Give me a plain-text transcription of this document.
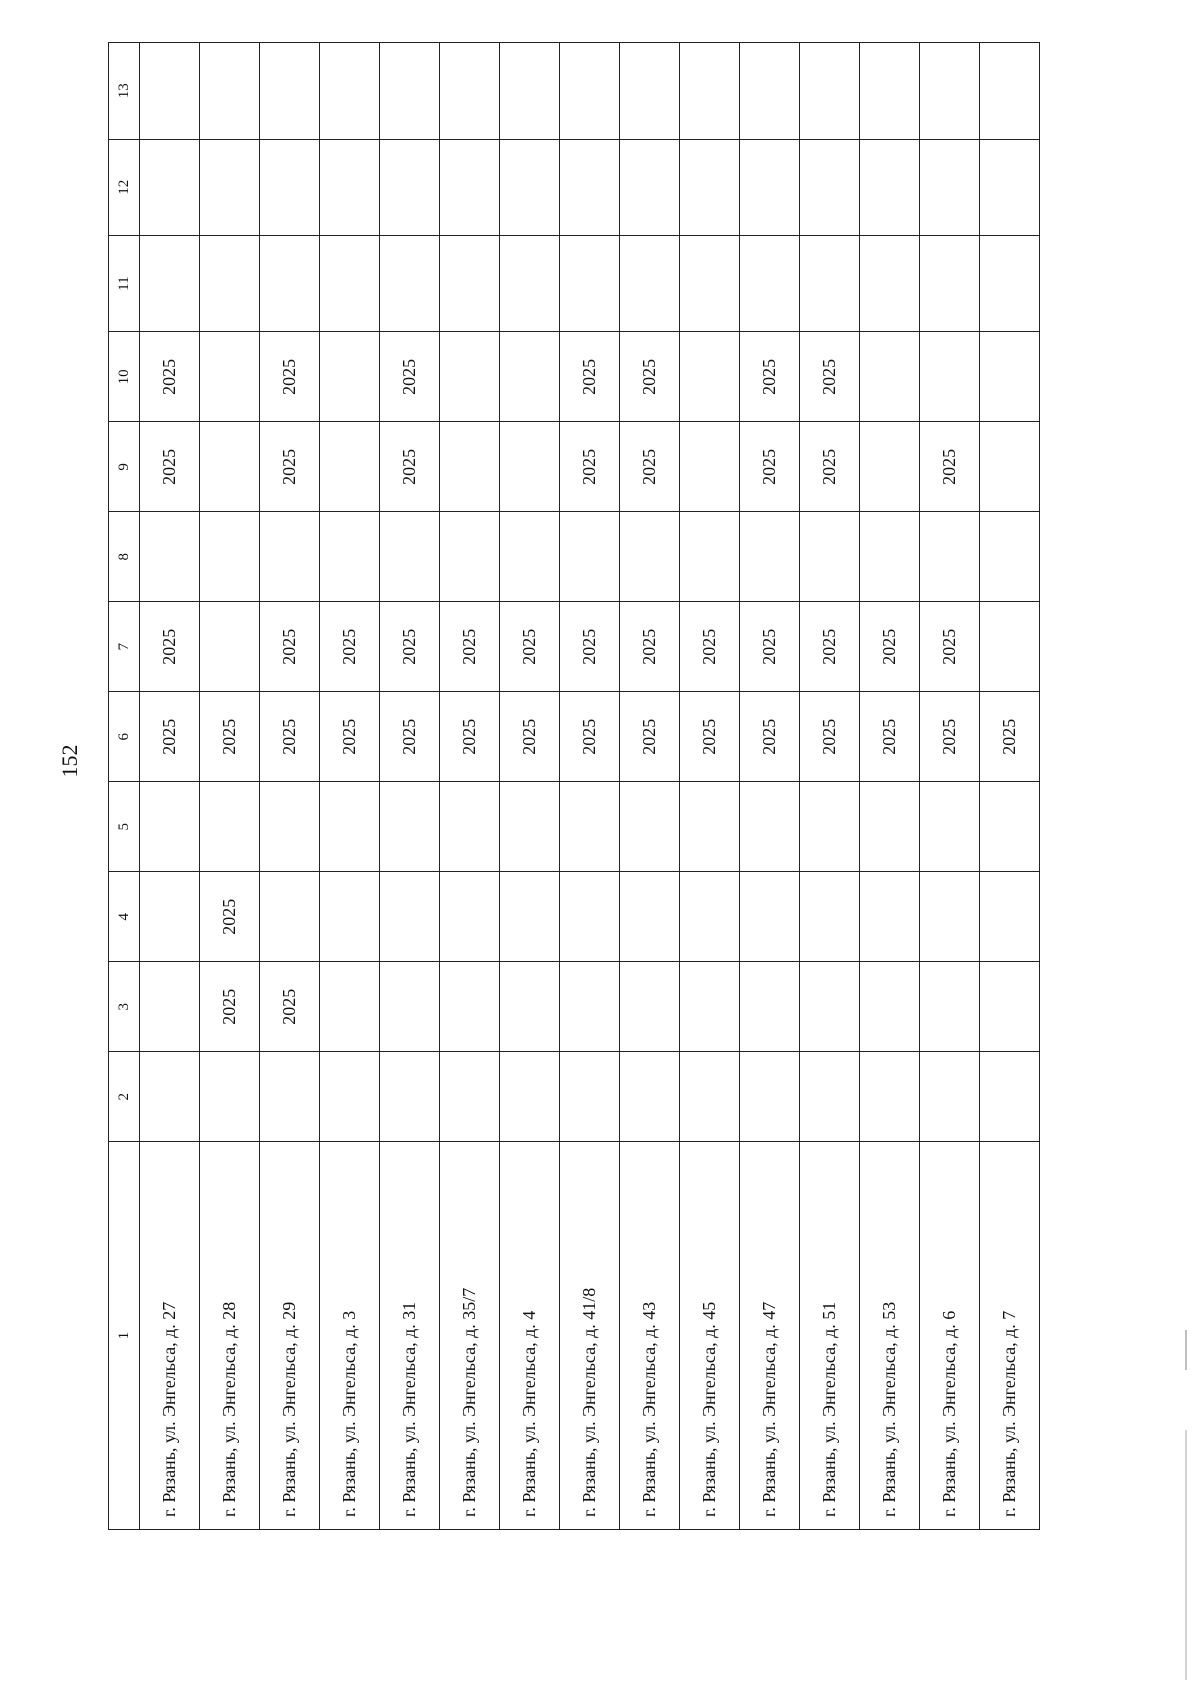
152
1	2	3	4	5	6	7	8	9	10	11	12	13
г. Рязань, ул. Энгельса, д. 27					2025	2025		2025	2025			
г. Рязань, ул. Энгельса, д. 28		2025	2025		2025							
г. Рязань, ул. Энгельса, д. 29		2025			2025	2025		2025	2025			
г. Рязань, ул. Энгельса, д. 3					2025	2025						
г. Рязань, ул. Энгельса, д. 31					2025	2025		2025	2025			
г. Рязань, ул. Энгельса, д. 35/7					2025	2025						
г. Рязань, ул. Энгельса, д. 4					2025	2025						
г. Рязань, ул. Энгельса, д. 41/8					2025	2025		2025	2025			
г. Рязань, ул. Энгельса, д. 43					2025	2025		2025	2025			
г. Рязань, ул. Энгельса, д. 45					2025	2025						
г. Рязань, ул. Энгельса, д. 47					2025	2025		2025	2025			
г. Рязань, ул. Энгельса, д. 51					2025	2025		2025	2025			
г. Рязань, ул. Энгельса, д. 53					2025	2025						
г. Рязань, ул. Энгельса, д. 6					2025	2025		2025				
г. Рязань, ул. Энгельса, д. 7					2025							
